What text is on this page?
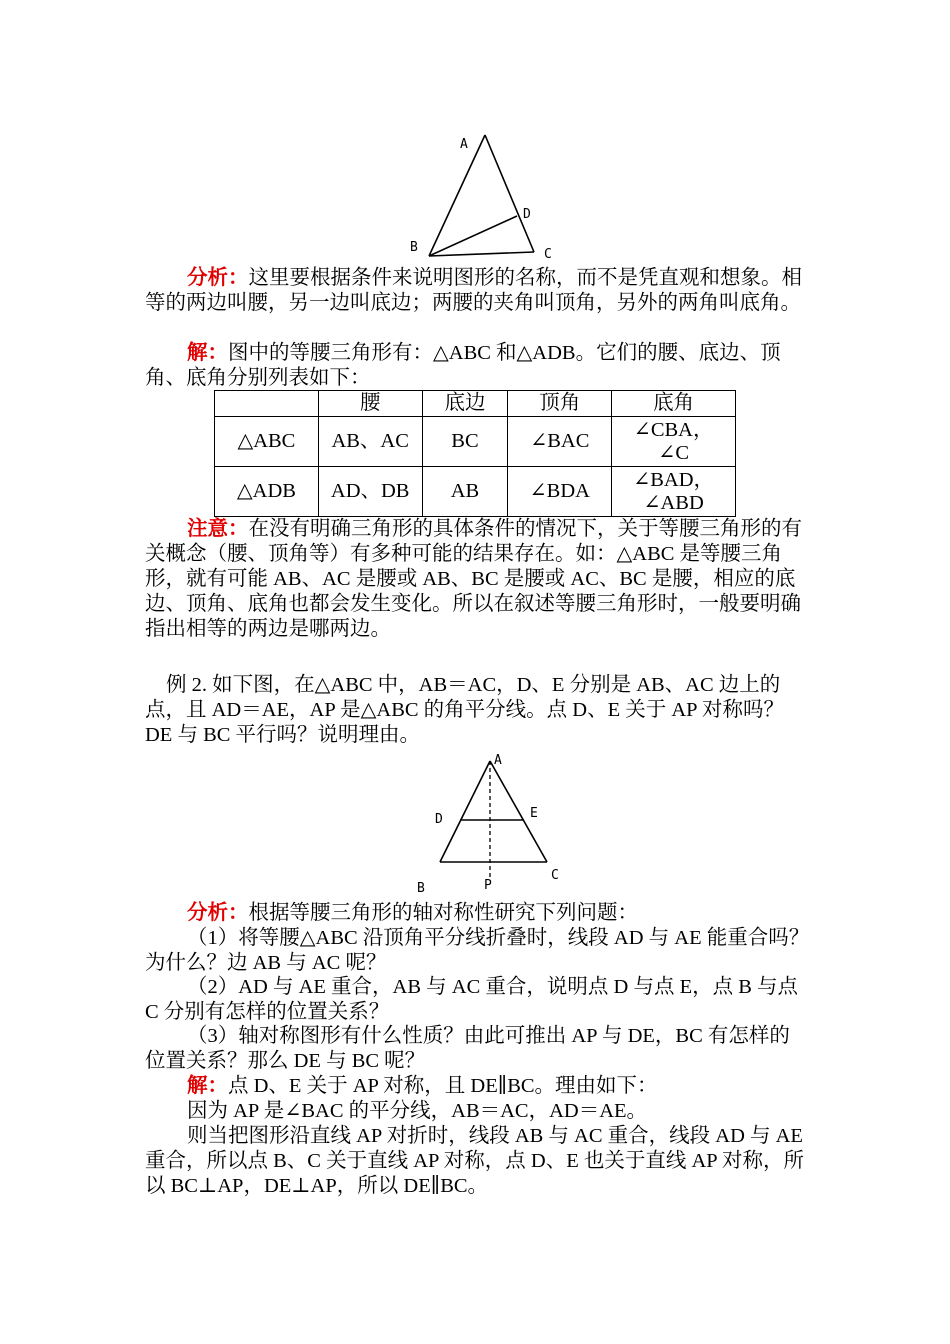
A
B	C
D
分析：这里要根据条件来说明图形的名称，而不是凭直观和想象。相等的两边叫腰，另一边叫底边；两腰的夹角叫顶角，另外的两角叫底角。
解：图中的等腰三角形有：△ABC 和△ADB。它们的腰、底边、顶角、底角分别列表如下：
	腰	底边	顶角	底角
△ABC	AB、AC	BC	∠BAC	∠CBA，
∠C
△ADB	AD、DB	AB	∠BDA	∠BAD，
∠ABD
注意：在没有明确三角形的具体条件的情况下，关于等腰三角形的有关概念（腰、顶角等）有多种可能的结果存在。如：△ABC 是等腰三角形，就有可能 AB、AC 是腰或 AB、BC 是腰或 AC、BC 是腰，相应的底边、顶角、底角也都会发生变化。所以在叙述等腰三角形时，一般要明确指出相等的两边是哪两边。
例 2. 如下图，在△ABC 中，AB＝AC，D、E 分别是 AB、AC 边上的点，且 AD＝AE，AP 是△ABC 的角平分线。点 D、E 关于 AP 对称吗？DE 与 BC 平行吗？说明理由。
A
D	E
C
B	P
分析：根据等腰三角形的轴对称性研究下列问题：
（1）将等腰△ABC 沿顶角平分线折叠时，线段 AD 与 AE 能重合吗？为什么？边 AB 与 AC 呢？
（2）AD 与 AE 重合，AB 与 AC 重合，说明点 D 与点 E，点 B 与点 C 分别有怎样的位置关系？
（3）轴对称图形有什么性质？由此可推出 AP 与 DE，BC 有怎样的位置关系？那么 DE 与 BC 呢？
解：点 D、E 关于 AP 对称，且 DE∥BC。理由如下：
因为 AP 是∠BAC 的平分线，AB＝AC，AD＝AE。
则当把图形沿直线 AP 对折时，线段 AB 与 AC 重合，线段 AD 与 AE 重合，所以点 B、C 关于直线 AP 对称，点 D、E 也关于直线 AP 对称，所以 BC⊥AP，DE⊥AP，所以 DE∥BC。
